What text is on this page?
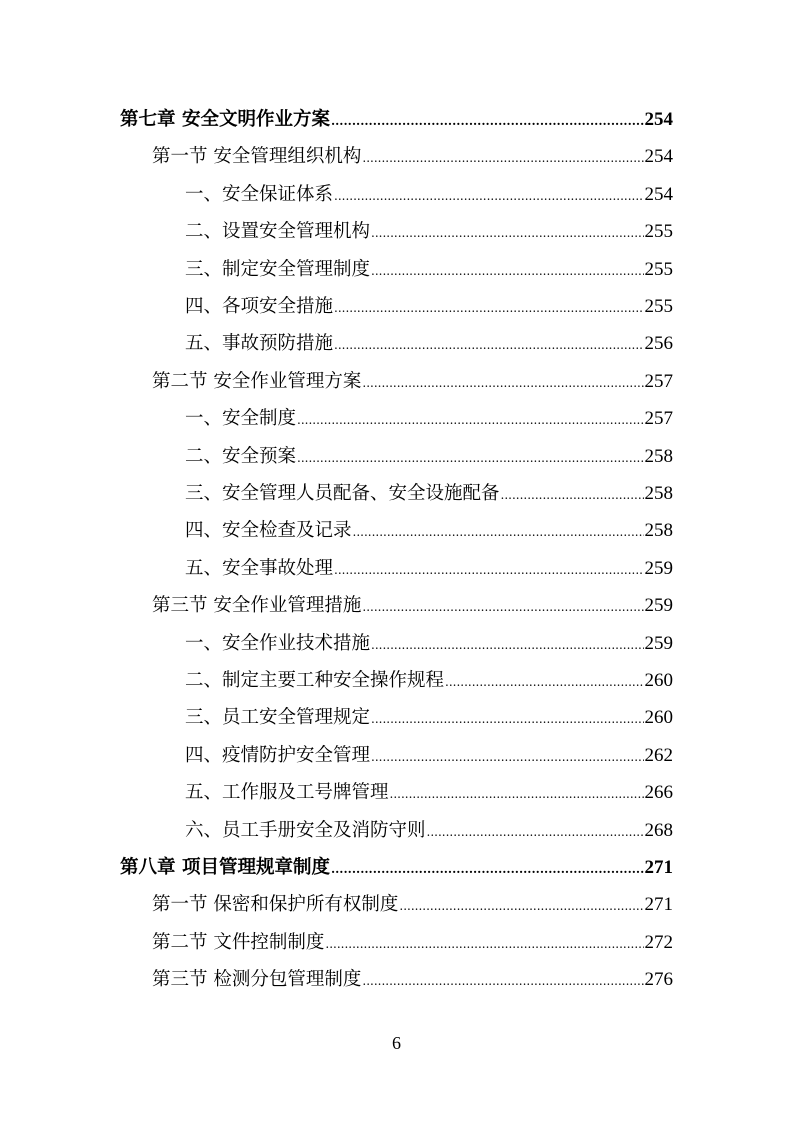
第七章 安全文明作业方案 .....	254
第一节 安全管理组织机构 .....	254
一、安全保证体系 .....	254
二、设置安全管理机构 .....	255
三、制定安全管理制度 .....	255
四、各项安全措施 .....	255
五、事故预防措施 .....	256
第二节 安全作业管理方案 .....	257
一、安全制度 .....	257
二、安全预案 .....	258
三、安全管理人员配备、安全设施配备 .....	258
四、安全检查及记录 .....	258
五、安全事故处理 .....	259
第三节 安全作业管理措施 .....	259
一、安全作业技术措施 .....	259
二、制定主要工种安全操作规程 .....	260
三、员工安全管理规定 .....	260
四、疫情防护安全管理 .....	262
五、工作服及工号牌管理 .....	266
六、员工手册安全及消防守则 .....	268
第八章 项目管理规章制度 .....	271
第一节 保密和保护所有权制度 .....	271
第二节 文件控制制度 .....	272
第三节 检测分包管理制度 .....	276
6
